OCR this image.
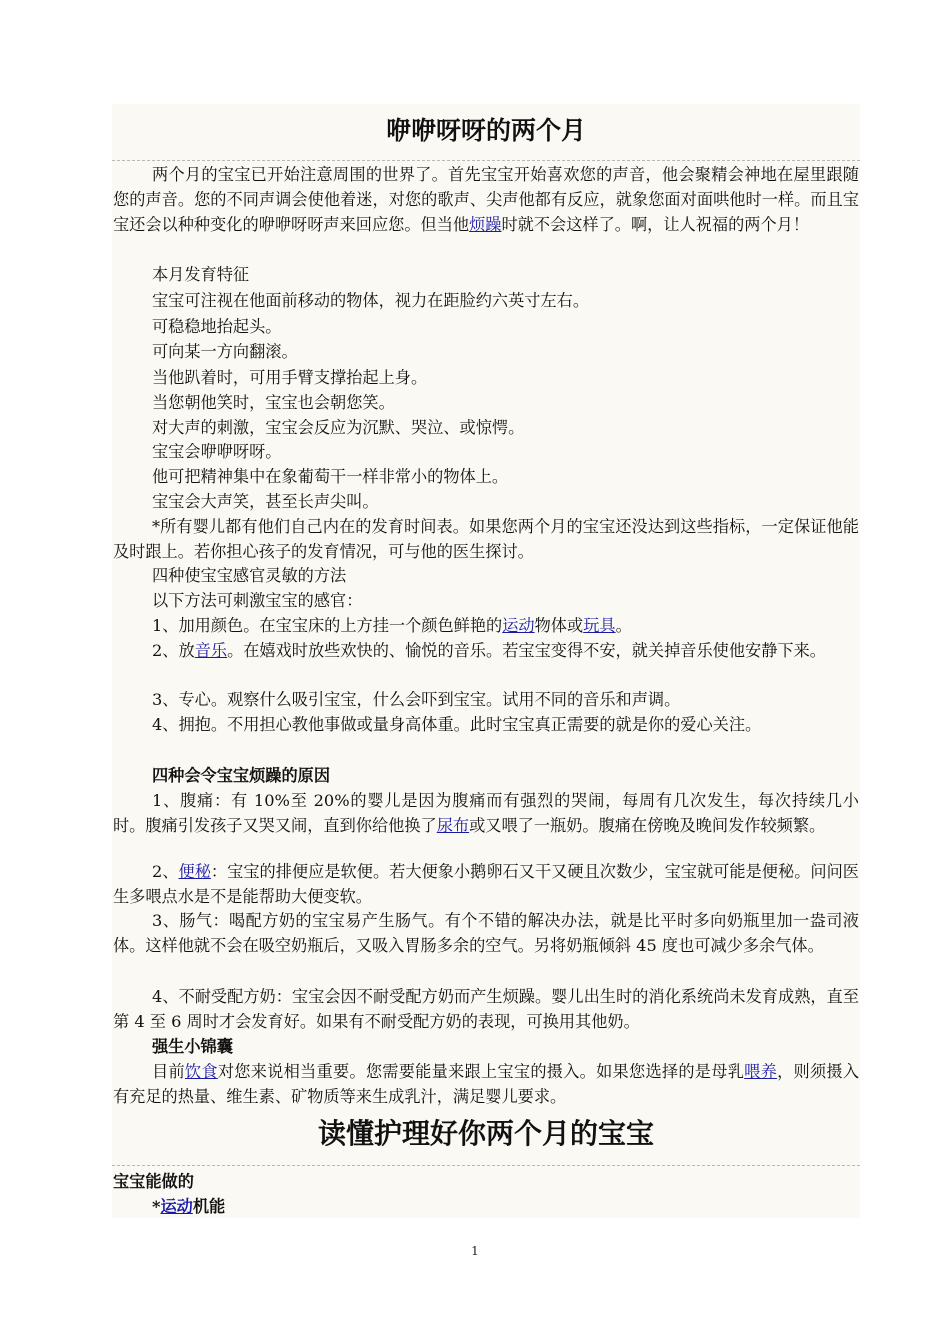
咿咿呀呀的两个月

两个月的宝宝已开始注意周围的世界了。首先宝宝开始喜欢您的声音，他会聚精会神地在屋里跟随您的声音。您的不同声调会使他着迷，对您的歌声、尖声他都有反应，就象您面对面哄他时一样。而且宝宝还会以种种变化的咿咿呀呀声来回应您。但当他烦躁时就不会这样了。啊，让人祝福的两个月！

本月发育特征

宝宝可注视在他面前移动的物体，视力在距脸约六英寸左右。

可稳稳地抬起头。

可向某一方向翻滚。

当他趴着时，可用手臂支撑抬起上身。

当您朝他笑时，宝宝也会朝您笑。

对大声的刺激，宝宝会反应为沉默、哭泣、或惊愕。

宝宝会咿咿呀呀。

他可把精神集中在象葡萄干一样非常小的物体上。

宝宝会大声笑，甚至长声尖叫。

*所有婴儿都有他们自己内在的发育时间表。如果您两个月的宝宝还没达到这些指标，一定保证他能及时跟上。若你担心孩子的发育情况，可与他的医生探讨。

四种使宝宝感官灵敏的方法

以下方法可刺激宝宝的感官：

1、加用颜色。在宝宝床的上方挂一个颜色鲜艳的运动物体或玩具。

2、放音乐。在嬉戏时放些欢快的、愉悦的音乐。若宝宝变得不安，就关掉音乐使他安静下来。

3、专心。观察什么吸引宝宝，什么会吓到宝宝。试用不同的音乐和声调。

4、拥抱。不用担心教他事做或量身高体重。此时宝宝真正需要的就是你的爱心关注。

四种会令宝宝烦躁的原因

1、腹痛：有 10%至 20%的婴儿是因为腹痛而有强烈的哭闹，每周有几次发生，每次持续几小时。腹痛引发孩子又哭又闹，直到你给他换了尿布或又喂了一瓶奶。腹痛在傍晚及晚间发作较频繁。

2、便秘：宝宝的排便应是软便。若大便象小鹅卵石又干又硬且次数少，宝宝就可能是便秘。问问医生多喂点水是不是能帮助大便变软。

3、肠气：喝配方奶的宝宝易产生肠气。有个不错的解决办法，就是比平时多向奶瓶里加一盎司液体。这样他就不会在吸空奶瓶后，又吸入胃肠多余的空气。另将奶瓶倾斜 45 度也可减少多余气体。

4、不耐受配方奶：宝宝会因不耐受配方奶而产生烦躁。婴儿出生时的消化系统尚未发育成熟，直至第 4 至 6 周时才会发育好。如果有不耐受配方奶的表现，可换用其他奶。

强生小锦囊

目前饮食对您来说相当重要。您需要能量来跟上宝宝的摄入。如果您选择的是母乳喂养，则须摄入有充足的热量、维生素、矿物质等来生成乳汁，满足婴儿要求。

读懂护理好你两个月的宝宝

宝宝能做的

*运动机能

1
